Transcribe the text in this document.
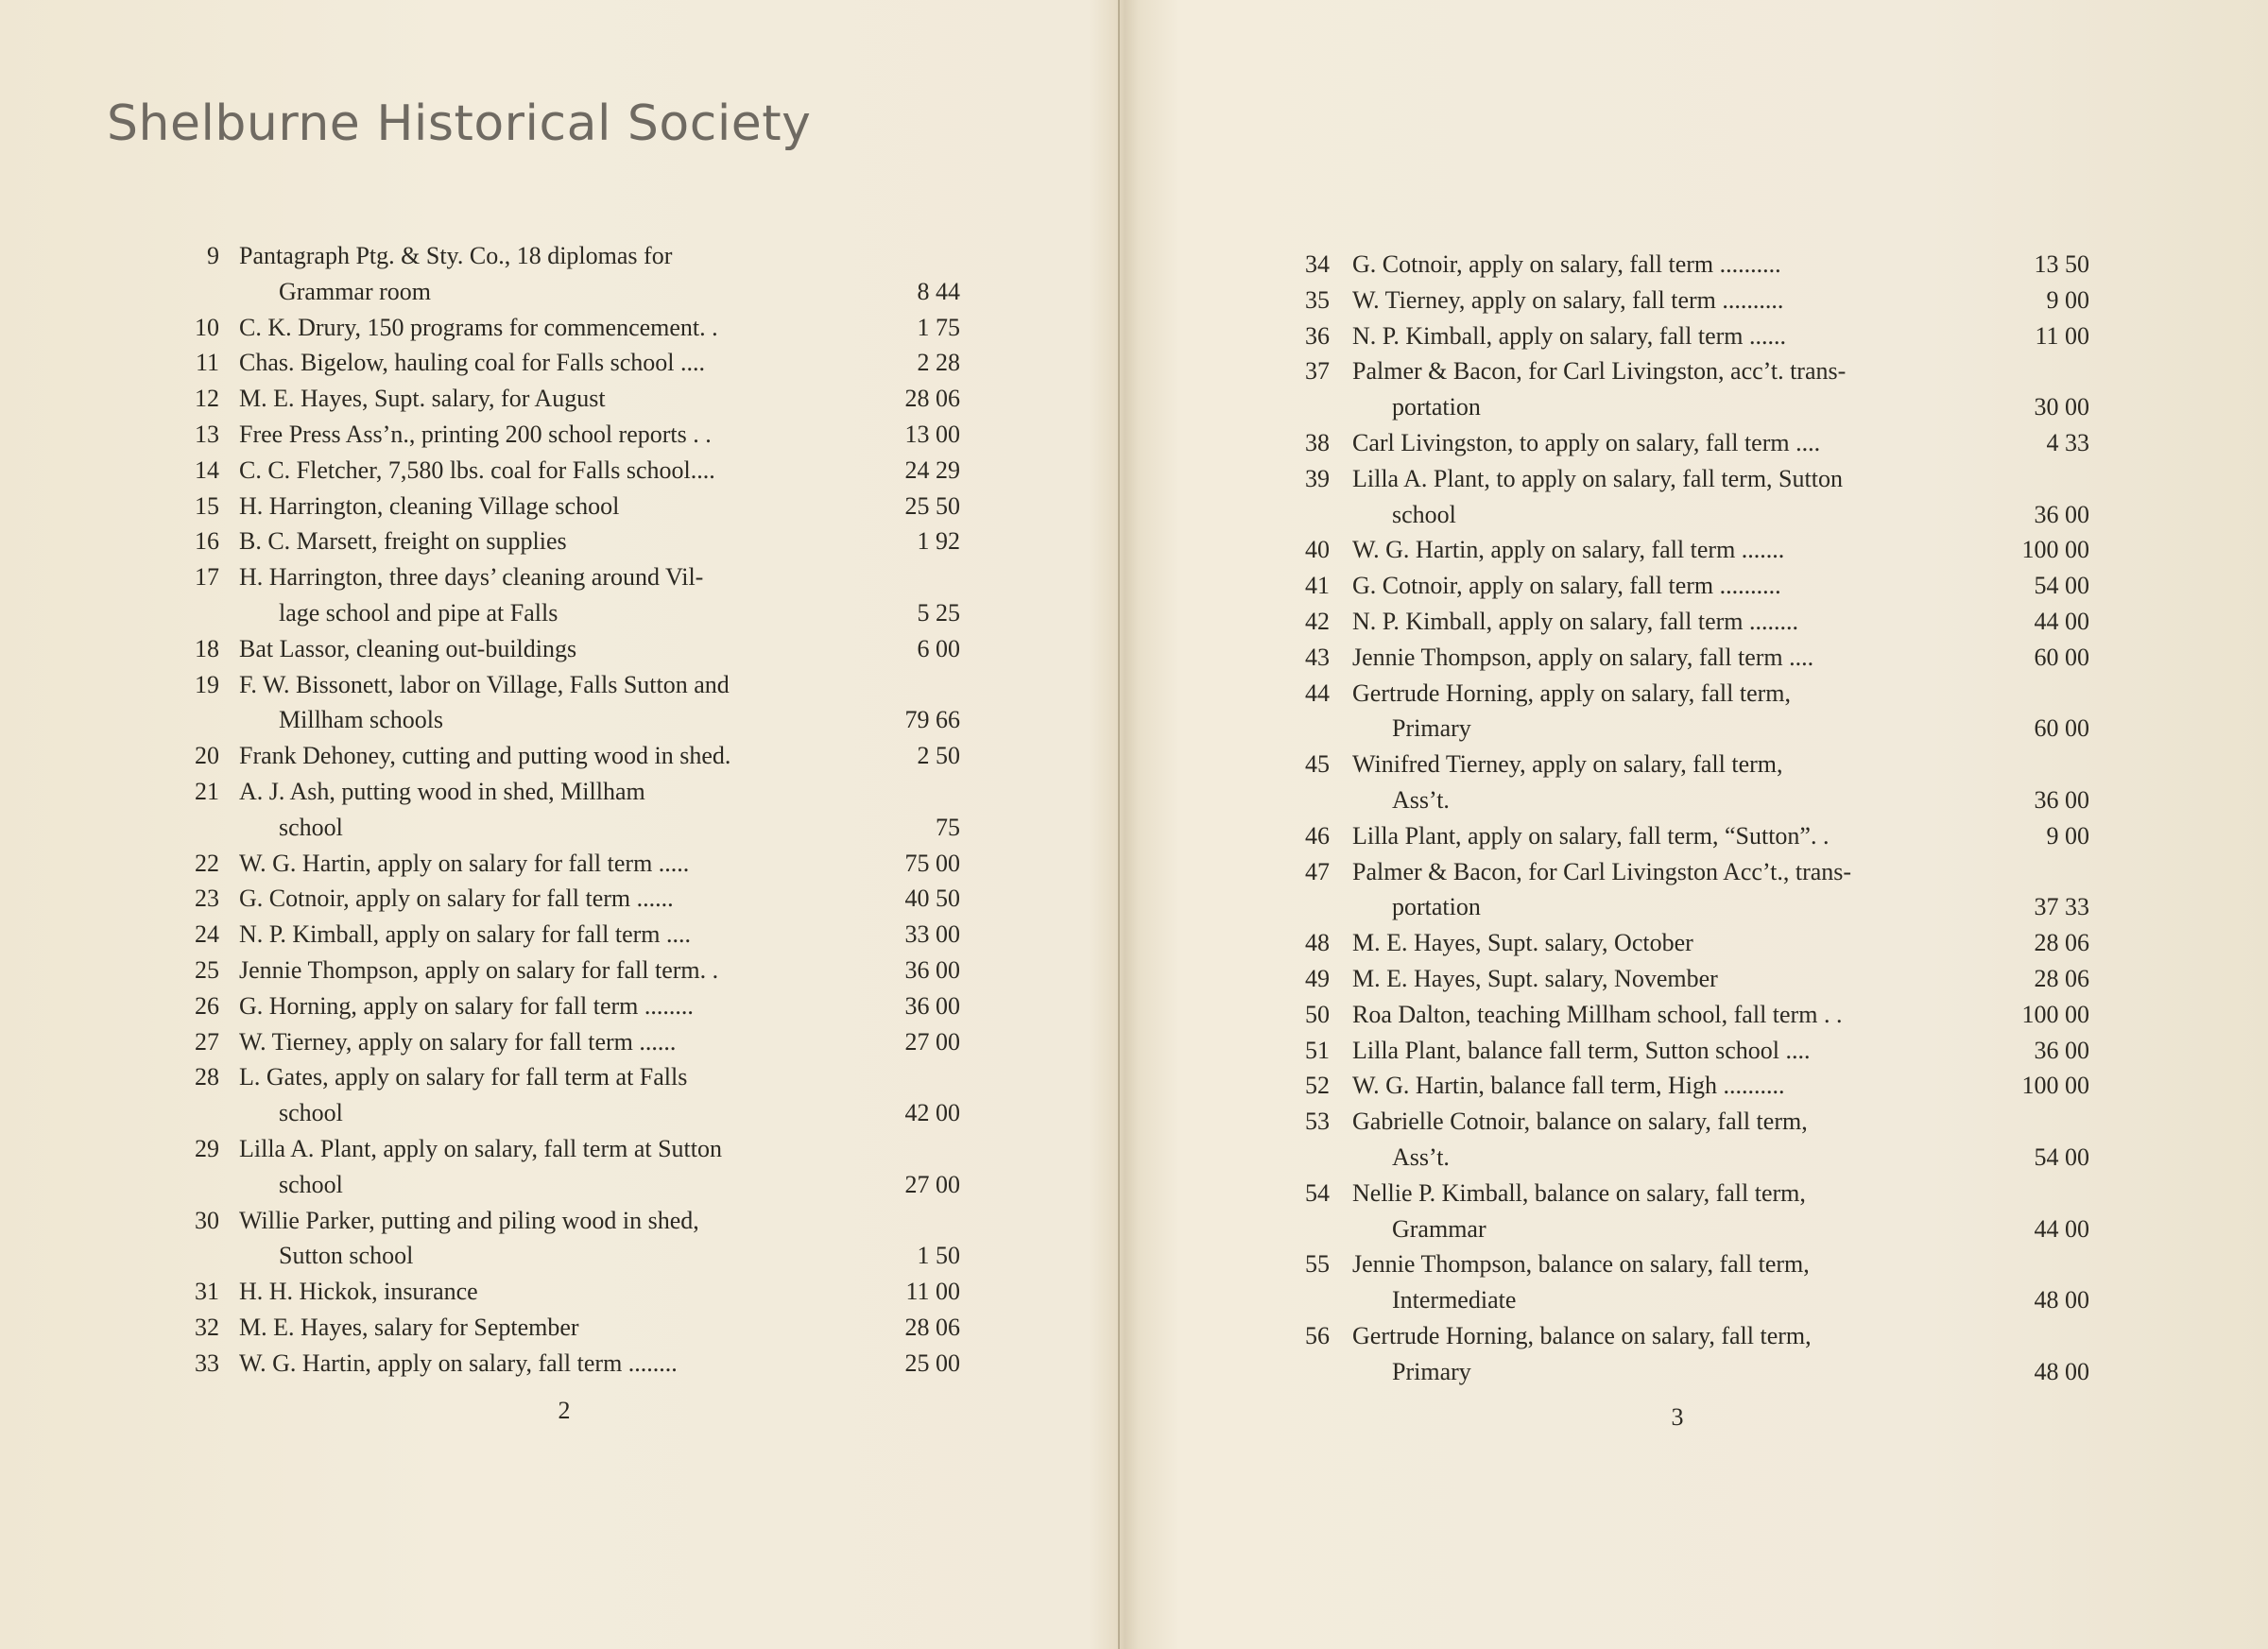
Shelburne Historical Society
9 Pantagraph Ptg. & Sty. Co., 18 diplomas for
Grammar room	8 44
10 C. K. Drury, 150 programs for commencement. .	1 75
11 Chas. Bigelow, hauling coal for Falls school ....	2 28
12 M. E. Hayes, Supt. salary, for August	28 06
13 Free Press Ass’n., printing 200 school reports . .	13 00
14 C. C. Fletcher, 7,580 lbs. coal for Falls school....	24 29
15 H. Harrington, cleaning Village school	25 50
16 B. C. Marsett, freight on supplies	1 92
17 H. Harrington, three days’ cleaning around Vil-
lage school and pipe at Falls	5 25
18 Bat Lassor, cleaning out-buildings	6 00
19 F. W. Bissonett, labor on Village, Falls Sutton and
Millham schools	79 66
20 Frank Dehoney, cutting and putting wood in shed.	2 50
21 A. J. Ash, putting wood in shed, Millham
school	75
22 W. G. Hartin, apply on salary for fall term .....	75 00
23 G. Cotnoir, apply on salary for fall term ......	40 50
24 N. P. Kimball, apply on salary for fall term ....	33 00
25 Jennie Thompson, apply on salary for fall term. .	36 00
26 G. Horning, apply on salary for fall term ........	36 00
27 W. Tierney, apply on salary for fall term ......	27 00
28 L. Gates, apply on salary for fall term at Falls
school	42 00
29 Lilla A. Plant, apply on salary, fall term at Sutton
school	27 00
30 Willie Parker, putting and piling wood in shed,
Sutton school	1 50
31 H. H. Hickok, insurance	11 00
32 M. E. Hayes, salary for September	28 06
33 W. G. Hartin, apply on salary, fall term ........	25 00
2
34 G. Cotnoir, apply on salary, fall term ..........	13 50
35 W. Tierney, apply on salary, fall term ..........	9 00
36 N. P. Kimball, apply on salary, fall term ......	11 00
37 Palmer & Bacon, for Carl Livingston, acc’t. trans-
portation	30 00
38 Carl Livingston, to apply on salary, fall term ....	4 33
39 Lilla A. Plant, to apply on salary, fall term, Sutton
school	36 00
40 W. G. Hartin, apply on salary, fall term .......	100 00
41 G. Cotnoir, apply on salary, fall term ..........	54 00
42 N. P. Kimball, apply on salary, fall term ........	44 00
43 Jennie Thompson, apply on salary, fall term ....	60 00
44 Gertrude Horning, apply on salary, fall term,
Primary	60 00
45 Winifred Tierney, apply on salary, fall term,
Ass’t.	36 00
46 Lilla Plant, apply on salary, fall term, “Sutton”. .	9 00
47 Palmer & Bacon, for Carl Livingston Acc’t., trans-
portation	37 33
48 M. E. Hayes, Supt. salary, October	28 06
49 M. E. Hayes, Supt. salary, November	28 06
50 Roa Dalton, teaching Millham school, fall term . .	100 00
51 Lilla Plant, balance fall term, Sutton school ....	36 00
52 W. G. Hartin, balance fall term, High ..........	100 00
53 Gabrielle Cotnoir, balance on salary, fall term,
Ass’t.	54 00
54 Nellie P. Kimball, balance on salary, fall term,
Grammar	44 00
55 Jennie Thompson, balance on salary, fall term,
Intermediate	48 00
56 Gertrude Horning, balance on salary, fall term,
Primary	48 00
3
